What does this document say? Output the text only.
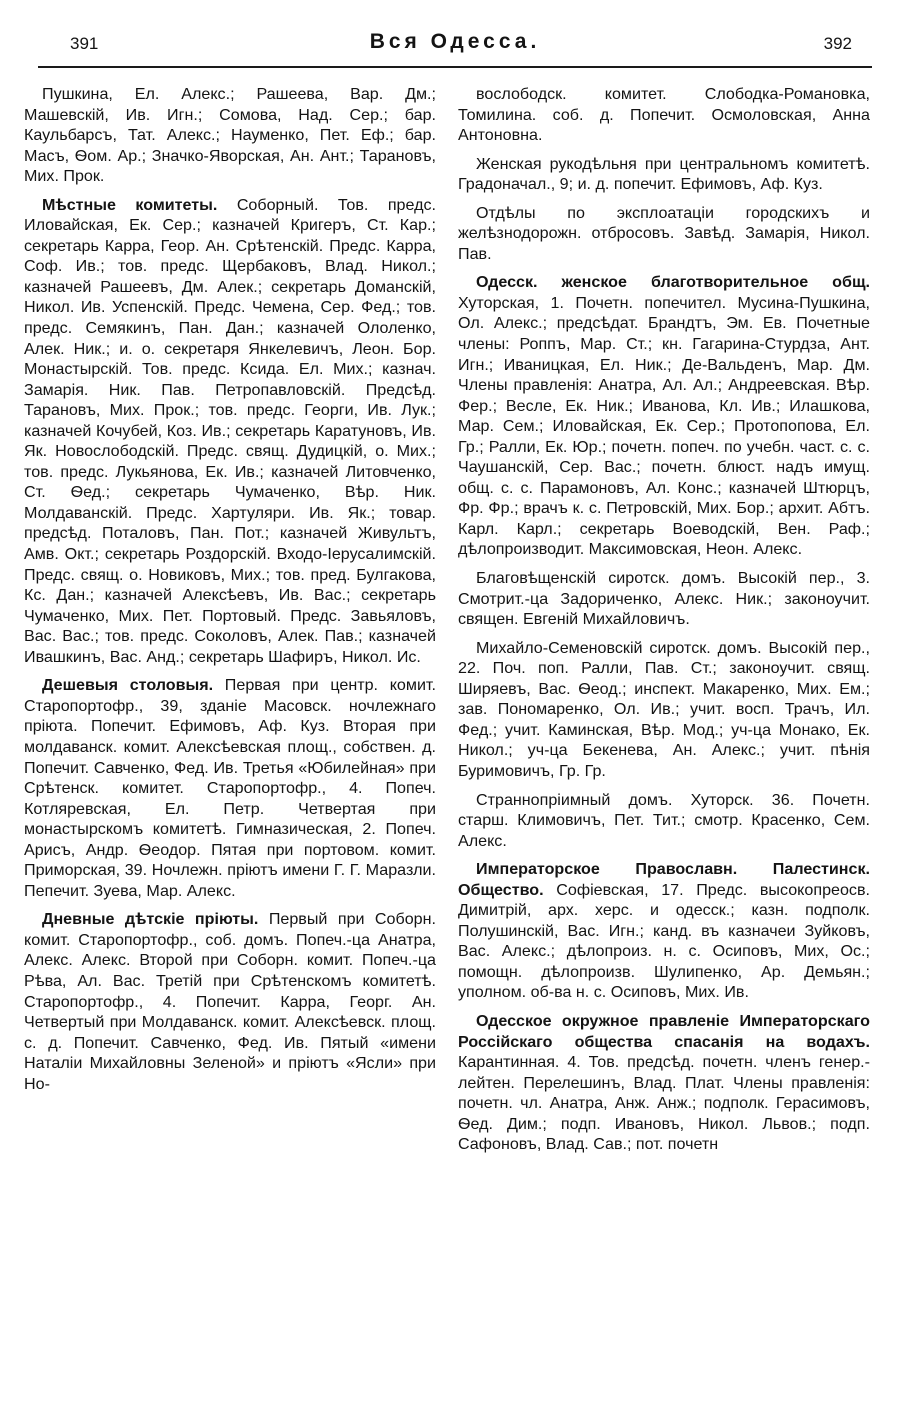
391	Вся Одесса.	392

Пушкина, Ел. Алекс.; Рашеева, Вар. Дм.; Машевскій, Ив. Игн.; Сомова, Над. Сер.; бар. Каульбарсъ, Тат. Алекс.; Науменко, Пет. Еф.; бар. Масъ, Ѳом. Ар.; Значко-Яворская, Ан. Ант.; Тарановъ, Мих. Прок.

Мѣстные комитеты. Соборный. Тов. предс. Иловайская, Ек. Сер.; казначей Кригеръ, Ст. Кар.; секретарь Карра, Геор. Ан. Срѣтенскій. Предс. Карра, Соф. Ив.; тов. предс. Щербаковъ, Влад. Никол.; казначей Рашеевъ, Дм. Алек.; секретарь Доманскій, Никол. Ив. Успенскій. Предс. Чемена, Сер. Фед.; тов. предс. Семякинъ, Пан. Дан.; казначей Ололенко, Алек. Ник.; и. о. секретаря Янкелевичъ, Леон. Бор. Монастырскій. Тов. предс. Ксида. Ел. Мих.; казнач. Замарія. Ник. Пав. Петропавловскій. Предсѣд. Тарановъ, Мих. Прок.; тов. предс. Георги, Ив. Лук.; казначей Кочубей, Коз. Ив.; секретарь Каратуновъ, Ив. Як. Новослободскій. Предс. свящ. Дудицкій, о. Мих.; тов. предс. Лукьянова, Ек. Ив.; казначей Литовченко, Ст. Ѳед.; секретарь Чумаченко, Вѣр. Ник. Молдаванскій. Предс. Хартуляри. Ив. Як.; товар. предсѣд. Поталовъ, Пан. Пот.; казначей Живультъ, Амв. Окт.; секретарь Роздорскій. Входо-Іерусалимскій. Предс. свящ. о. Новиковъ, Мих.; тов. пред. Булгакова, Кс. Дан.; казначей Алексѣевъ, Ив. Вас.; секретарь Чумаченко, Мих. Пет. Портовый. Предс. Завьяловъ, Вас. Вас.; тов. предс. Соколовъ, Алек. Пав.; казначей Ивашкинъ, Вас. Анд.; секретарь Шафиръ, Никол. Ис.

Дешевыя столовыя. Первая при центр. комит. Старопортофр., 39, зданіе Масовск. ночлежнаго пріюта. Попечит. Ефимовъ, Аф. Куз. Вторая при молдаванск. комит. Алексѣевская площ., собствен. д. Попечит. Савченко, Фед. Ив. Третья «Юбилейная» при Срѣтенск. комитет. Старопортофр., 4. Попеч. Котляревская, Ел. Петр. Четвертая при монастырскомъ комитетѣ. Гимназическая, 2. Попеч. Арисъ, Андр. Ѳеодор. Пятая при портовом. комит. Приморская, 39. Ночлежн. пріютъ имени Г. Г. Маразли. Пепечит. Зуева, Мар. Алекс.

Дневные дѣтскіе пріюты. Первый при Соборн. комит. Старопортофр., соб. домъ. Попеч.-ца Анатра, Алекс. Алекс. Второй при Соборн. комит. Попеч.-ца Рѣва, Ал. Вас. Третій при Срѣтенскомъ комитетѣ. Старопортофр., 4. Попечит. Карра, Георг. Ан. Четвертый при Молдаванск. комит. Алексѣевск. площ. с. д. Попечит. Савченко, Фед. Ив. Пятый «имени Наталіи Михайловны Зеленой» и пріютъ «Ясли» при Но-

вослободск. комитет. Слободка-Романовка, Томилина. соб. д. Попечит. Осмоловская, Анна Антоновна.

Женская рукодѣльня при центральномъ комитетѣ. Градоначал., 9; и. д. попечит. Ефимовъ, Аф. Куз.

Отдѣлы по эксплоатаціи городскихъ и желѣзнодорожн. отбросовъ. Завѣд. Замарія, Никол. Пав.

Одесск. женское благотворительное общ. Хуторская, 1. Почетн. попечител. Мусина-Пушкина, Ол. Алекс.; предсѣдат. Брандтъ, Эм. Ев. Почетные члены: Роппъ, Мар. Ст.; кн. Гагарина-Стурдза, Ант. Игн.; Иваницкая, Ел. Ник.; Де-Вальденъ, Мар. Дм. Члены правленія: Анатра, Ал. Ал.; Андреевская. Вѣр. Фер.; Весле, Ек. Ник.; Иванова, Кл. Ив.; Илашкова, Мар. Сем.; Иловайская, Ек. Сер.; Протопопова, Ел. Гр.; Ралли, Ек. Юр.; почетн. попеч. по учебн. част. с. с. Чаушанскій, Сер. Вас.; почетн. блюст. надъ имущ. общ. с. с. Парамоновъ, Ал. Конс.; казначей Штюрцъ, Фр. Фр.; врачъ к. с. Петровскій, Мих. Бор.; архит. Абтъ. Карл. Карл.; секретарь Воеводскій, Вен. Раф.; дѣлопроизводит. Максимовская, Неон. Алекс.

Благовѣщенскій сиротск. домъ. Высокій пер., 3. Смотрит.-ца Задориченко, Алекс. Ник.; законоучит. священ. Евгеній Михайловичъ.

Михайло-Семеновскій сиротск. домъ. Высокій пер., 22. Поч. поп. Ралли, Пав. Ст.; законоучит. свящ. Ширяевъ, Вас. Ѳеод.; инспект. Макаренко, Мих. Ем.; зав. Пономаренко, Ол. Ив.; учит. восп. Трачъ, Ил. Фед.; учит. Каминская, Вѣр. Мод.; уч-ца Монако, Ек. Никол.; уч-ца Бекенева, Ан. Алекс.; учит. пѣнія Буримовичъ, Гр. Гр.

Страннопріимный домъ. Хуторск. 36. Почетн. старш. Климовичъ, Пет. Тит.; смотр. Красенко, Сем. Алекс.

Императорское Православн. Палестинск. Общество. Софіевская, 17. Предс. высокопреосв. Димитрій, арх. херс. и одесск.; казн. подполк. Полушинскій, Вас. Игн.; канд. въ казначеи Зуйковъ, Вас. Алекс.; дѣлопроиз. н. с. Осиповъ, Мих, Ос.; помощн. дѣлопроизв. Шулипенко, Ар. Демьян.; уполном. об-ва н. с. Осиповъ, Мих. Ив.

Одесское окружное правленіе Императорскаго Россійскаго общества спасанія на водахъ. Карантинная. 4. Тов. предсѣд. почетн. членъ генер.-лейтен. Перелешинъ, Влад. Плат. Члены правленія: почетн. чл. Анатра, Анж. Анж.; подполк. Герасимовъ, Ѳед. Дим.; подп. Ивановъ, Никол. Львов.; подп. Сафоновъ, Влад. Сав.; пот. почетн
